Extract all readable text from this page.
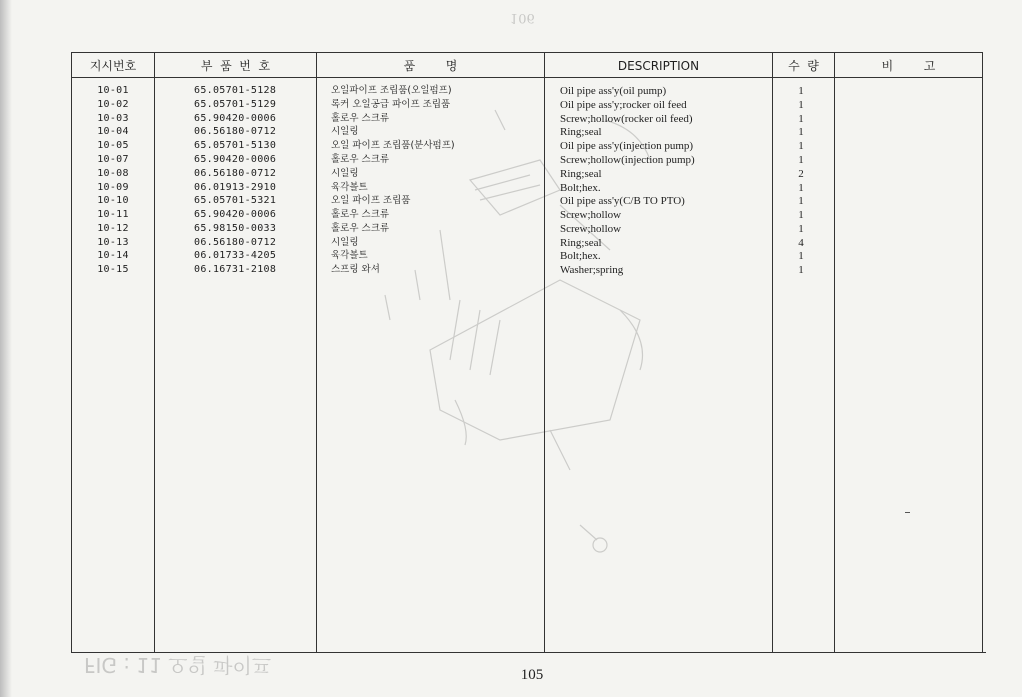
106
FIG : 11 오일 파이프
지시번호	부  품  번  호	품        명	DESCRIPTION	수  량	비        고
10-01	65.05701-5128	오일파이프 조립품(오일펌프)	Oil pipe ass'y(oil pump)	1
10-02	65.05701-5129	록커 오일공급 파이프 조립품	Oil pipe ass'y;rocker oil feed	1
10-03	65.90420-0006	홀로우 스크류	Screw;hollow(rocker oil feed)	1
10-04	06.56180-0712	시일링	Ring;seal	1
10-05	65.05701-5130	오일 파이프 조립품(분사펌프)	Oil pipe ass'y(injection pump)	1
10-07	65.90420-0006	홀로우 스크류	Screw;hollow(injection pump)	1
10-08	06.56180-0712	시일링	Ring;seal	2
10-09	06.01913-2910	육각볼트	Bolt;hex.	1
10-10	65.05701-5321	오일 파이프 조립품	Oil pipe ass'y(C/B TO PTO)	1
10-11	65.90420-0006	홀로우 스크류	Screw;hollow	1
10-12	65.98150-0033	홀로우 스크류	Screw;hollow	1
10-13	06.56180-0712	시일링	Ring;seal	4
10-14	06.01733-4205	육각볼트	Bolt;hex.	1
10-15	06.16731-2108	스프링 와셔	Washer;spring	1
105
